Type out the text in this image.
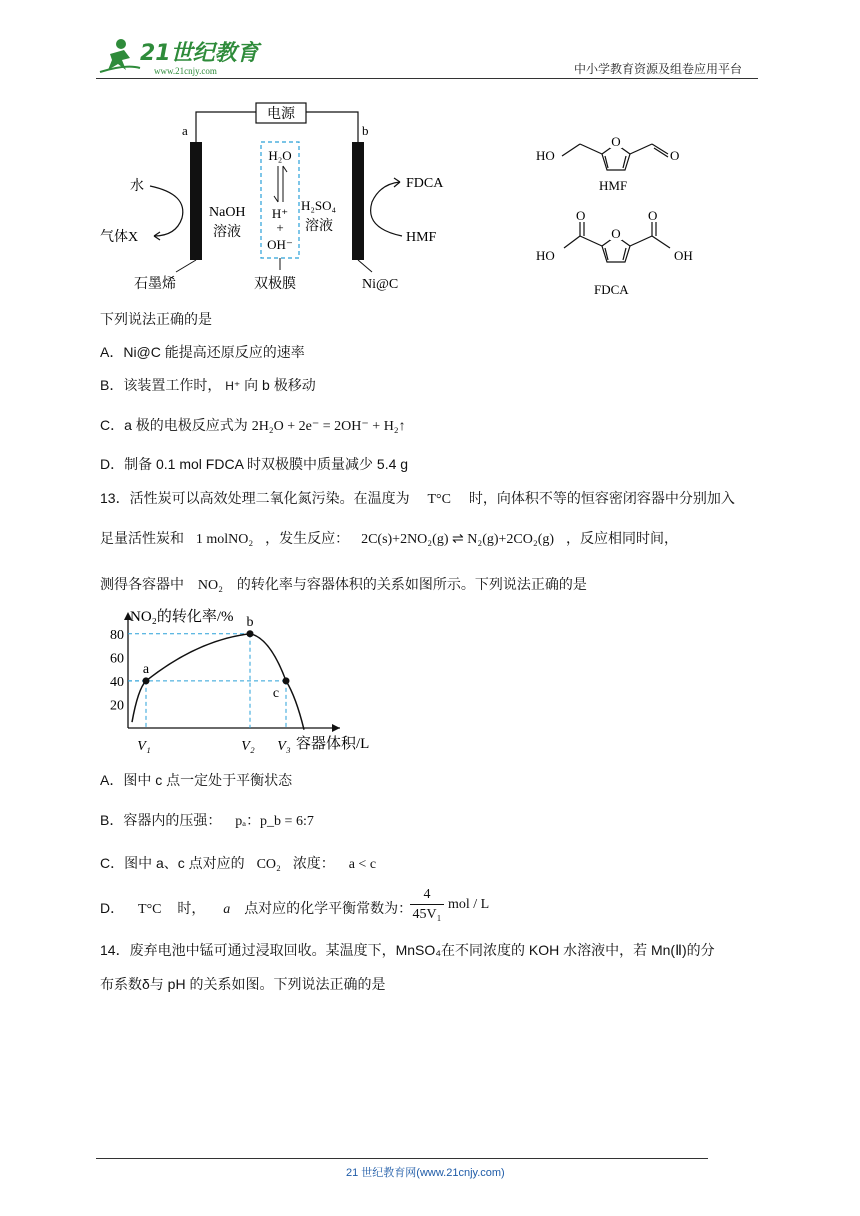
21世纪教育
www.21cnjy.com	中小学教育资源及组卷应用平台
电源
a	b
H₂O
H⁺
+
OH⁻
水
气体X
NaOH
溶液
H₂SO₄
溶液
FDCA
HMF
石墨烯	双极膜	Ni@C
O
HO	O
HMF
O
O	O
HO	OH
FDCA
下列说法正确的是
A．Ni@C 能提高还原反应的速率
B．该装置工作时， H⁺ 向 b 极移动
C．a 极的电极反应式为 2H₂O + 2e⁻ = 2OH⁻ + H₂↑
D．制备 0.1 mol FDCA 时双极膜中质量减少 5.4 g
13．活性炭可以高效处理二氧化氮污染。在温度为 T°C 时，向体积不等的恒容密闭容器中分别加入
足量活性炭和 1 molNO₂ ，发生反应： 2C(s)+2NO₂(g) ⇌ N₂(g)+2CO₂(g) ，反应相同时间，
测得各容器中 NO₂ 的转化率与容器体积的关系如图所示。下列说法正确的是
a
b
c
NO₂的转化率/%
容器体积/L
80
60
40
20
V₁	V₂ V₃
A．图中 c 点一定处于平衡状态
B．容器内的压强： pₐ：p_b = 6:7
C．图中 a、c 点对应的 CO₂ 浓度： a < c
D． T°C 时， a 点对应的化学平衡常数为：
$\frac{4}{\text{45V₁}}$ mol / L
14．废弃电池中锰可通过浸取回收。某温度下，MnSO₄在不同浓度的 KOH 水溶液中，若 Mn(Ⅱ)的分
布系数δ与 pH 的关系如图。下列说法正确的是
21 世纪教育网(www.21cnjy.com)
